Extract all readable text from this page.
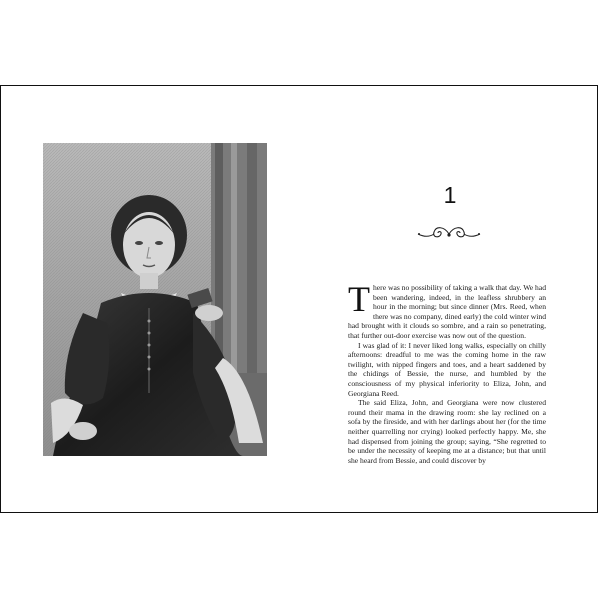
1

There was no possibility of taking a walk that day. We had been wandering, indeed, in the leafless shrubbery an hour in the morning; but since dinner (Mrs. Reed, when there was no company, dined early) the cold winter wind had brought with it clouds so sombre, and a rain so penetrating, that further out-door exercise was now out of the question.

I was glad of it: I never liked long walks, especially on chilly afternoons: dreadful to me was the coming home in the raw twilight, with nipped fingers and toes, and a heart saddened by the chidings of Bessie, the nurse, and humbled by the consciousness of my physical inferiority to Eliza, John, and Georgiana Reed.

The said Eliza, John, and Georgiana were now clustered round their mama in the drawing room: she lay reclined on a sofa by the fireside, and with her darlings about her (for the time neither quarrelling nor crying) looked perfectly happy. Me, she had dispensed from joining the group; saying, “She regretted to be under the necessity of keeping me at a distance; but that until she heard from Bessie, and could discover by
